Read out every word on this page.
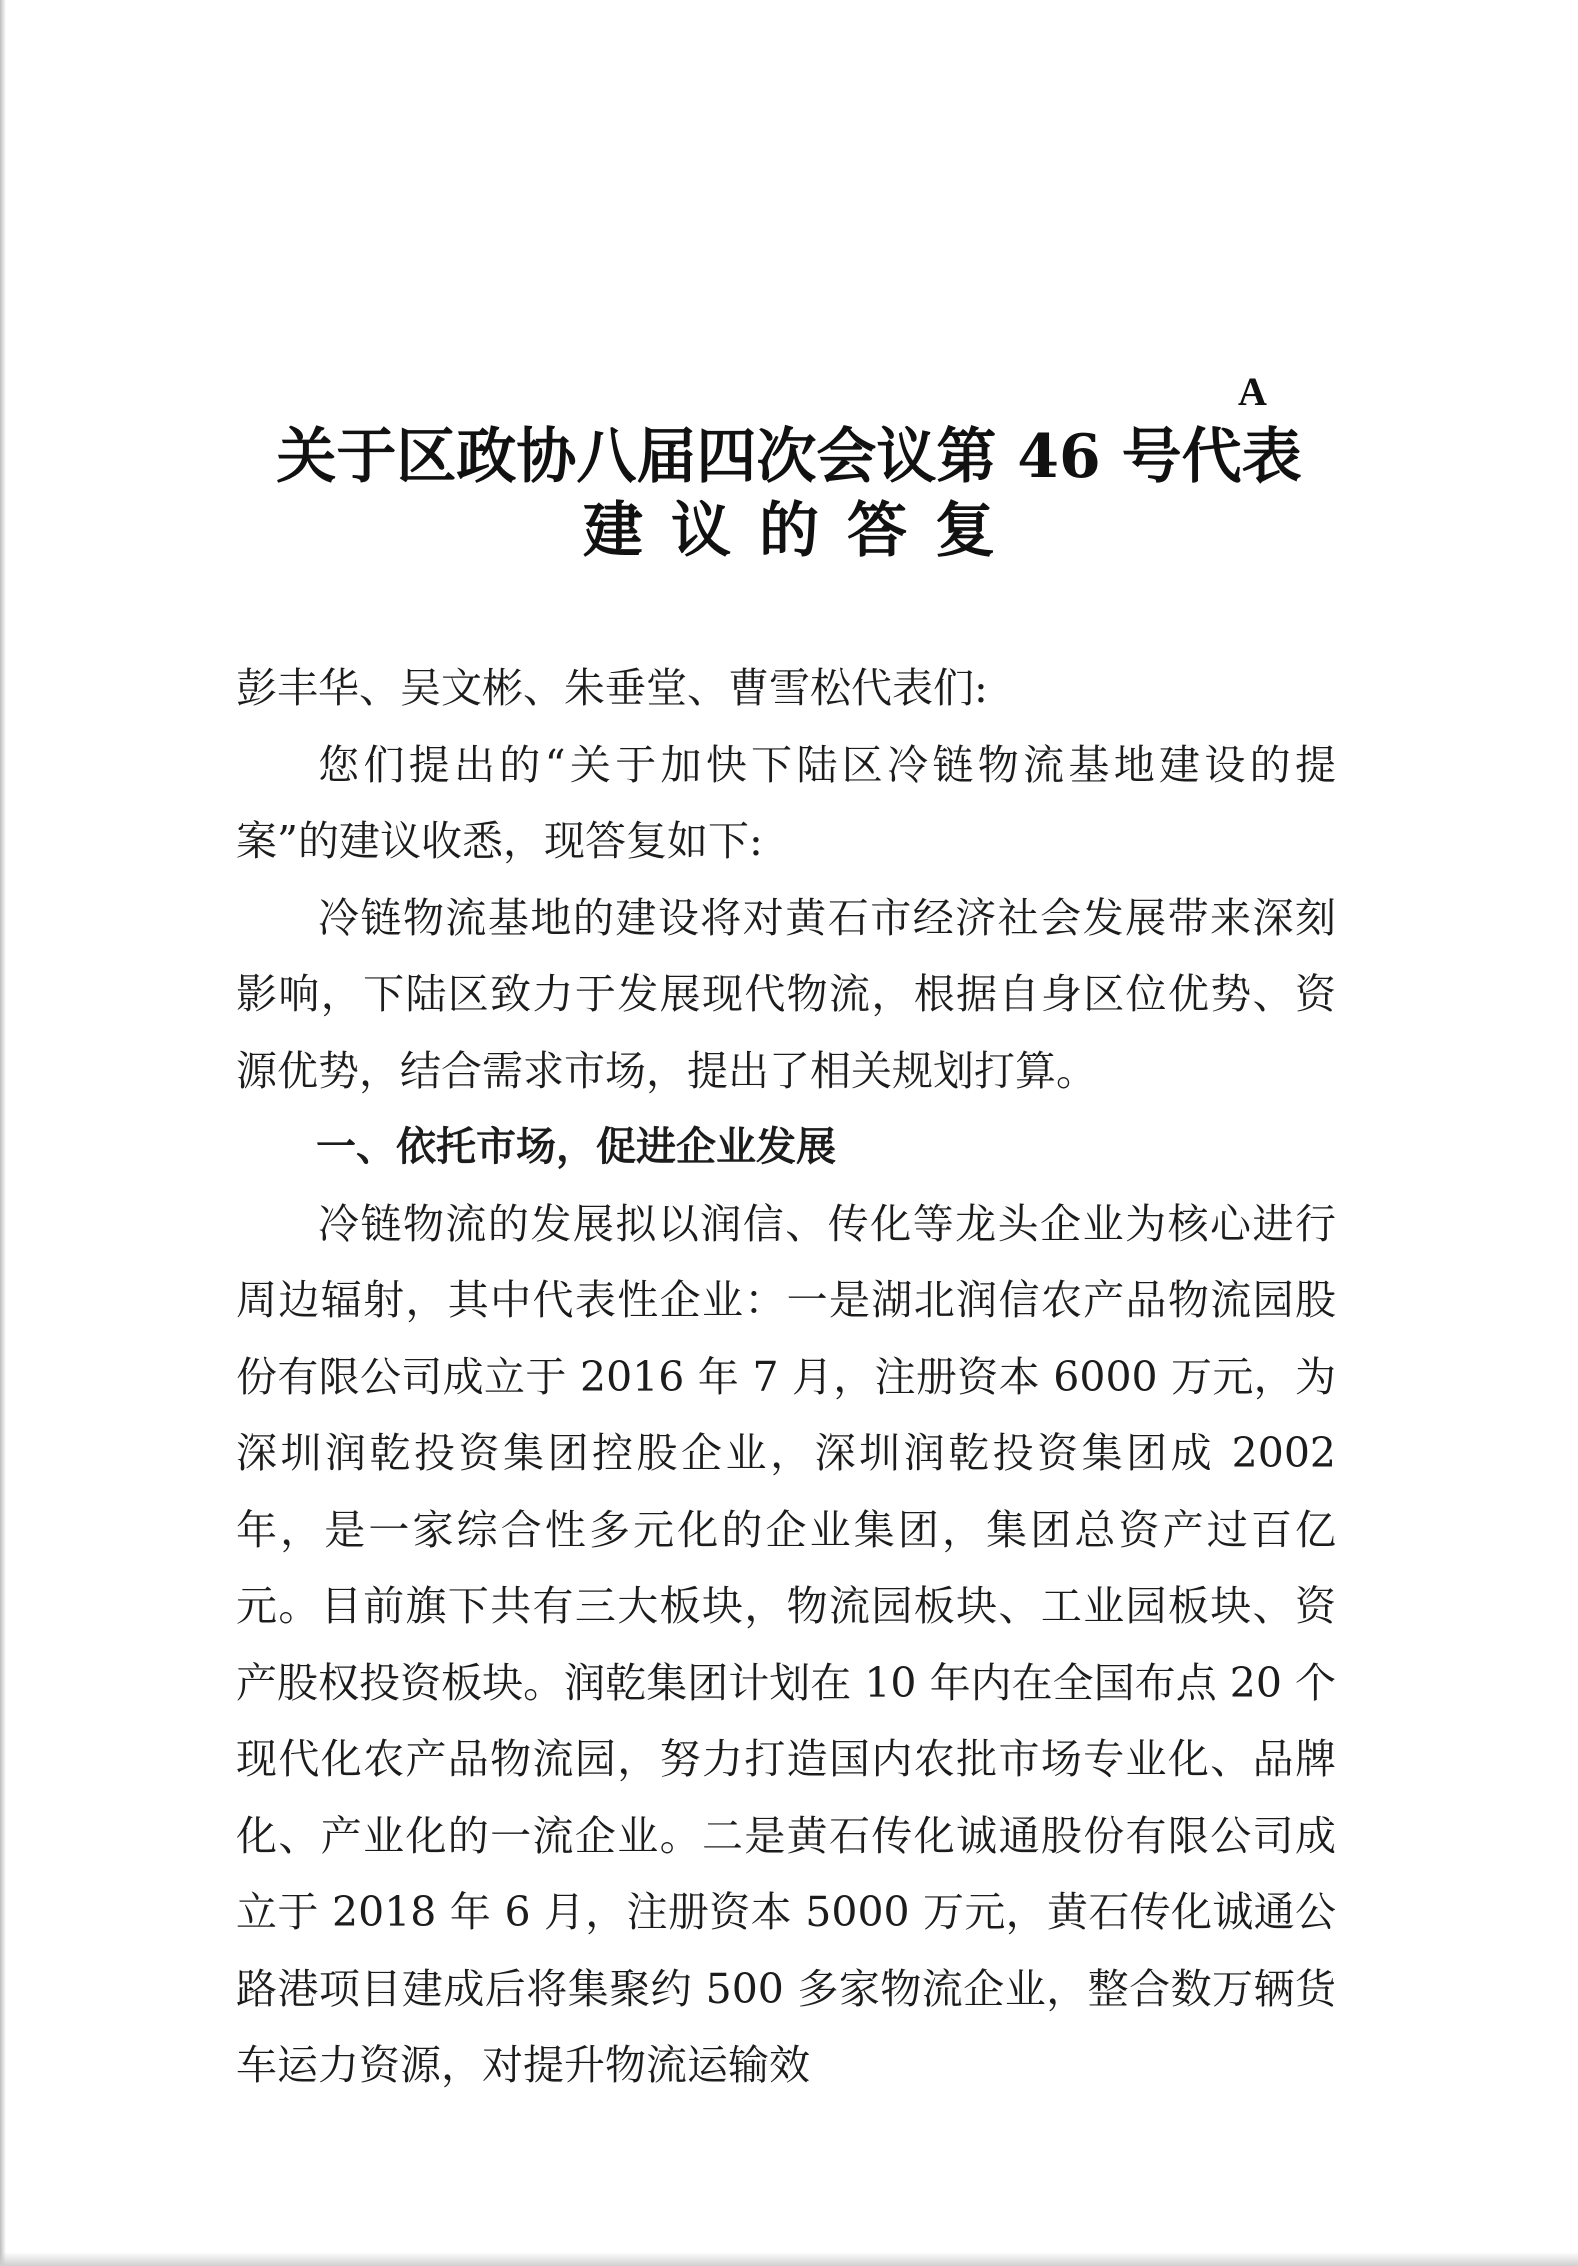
A
关于区政协八届四次会议第 46 号代表
建议的答复

彭丰华、吴文彬、朱垂堂、曹雪松代表们:

您们提出的“关于加快下陆区冷链物流基地建设的提案”的建议收悉，现答复如下:

冷链物流基地的建设将对黄石市经济社会发展带来深刻影响，下陆区致力于发展现代物流，根据自身区位优势、资源优势，结合需求市场，提出了相关规划打算。

一、依托市场，促进企业发展

冷链物流的发展拟以润信、传化等龙头企业为核心进行周边辐射，其中代表性企业：一是湖北润信农产品物流园股份有限公司成立于 2016 年 7 月，注册资本 6000 万元，为深圳润乾投资集团控股企业，深圳润乾投资集团成 2002 年，是一家综合性多元化的企业集团，集团总资产过百亿元。目前旗下共有三大板块，物流园板块、工业园板块、资产股权投资板块。润乾集团计划在 10 年内在全国布点 20 个现代化农产品物流园，努力打造国内农批市场专业化、品牌化、产业化的一流企业。二是黄石传化诚通股份有限公司成立于 2018 年 6 月，注册资本 5000 万元，黄石传化诚通公路港项目建成后将集聚约 500 多家物流企业，整合数万辆货车运力资源，对提升物流运输效
